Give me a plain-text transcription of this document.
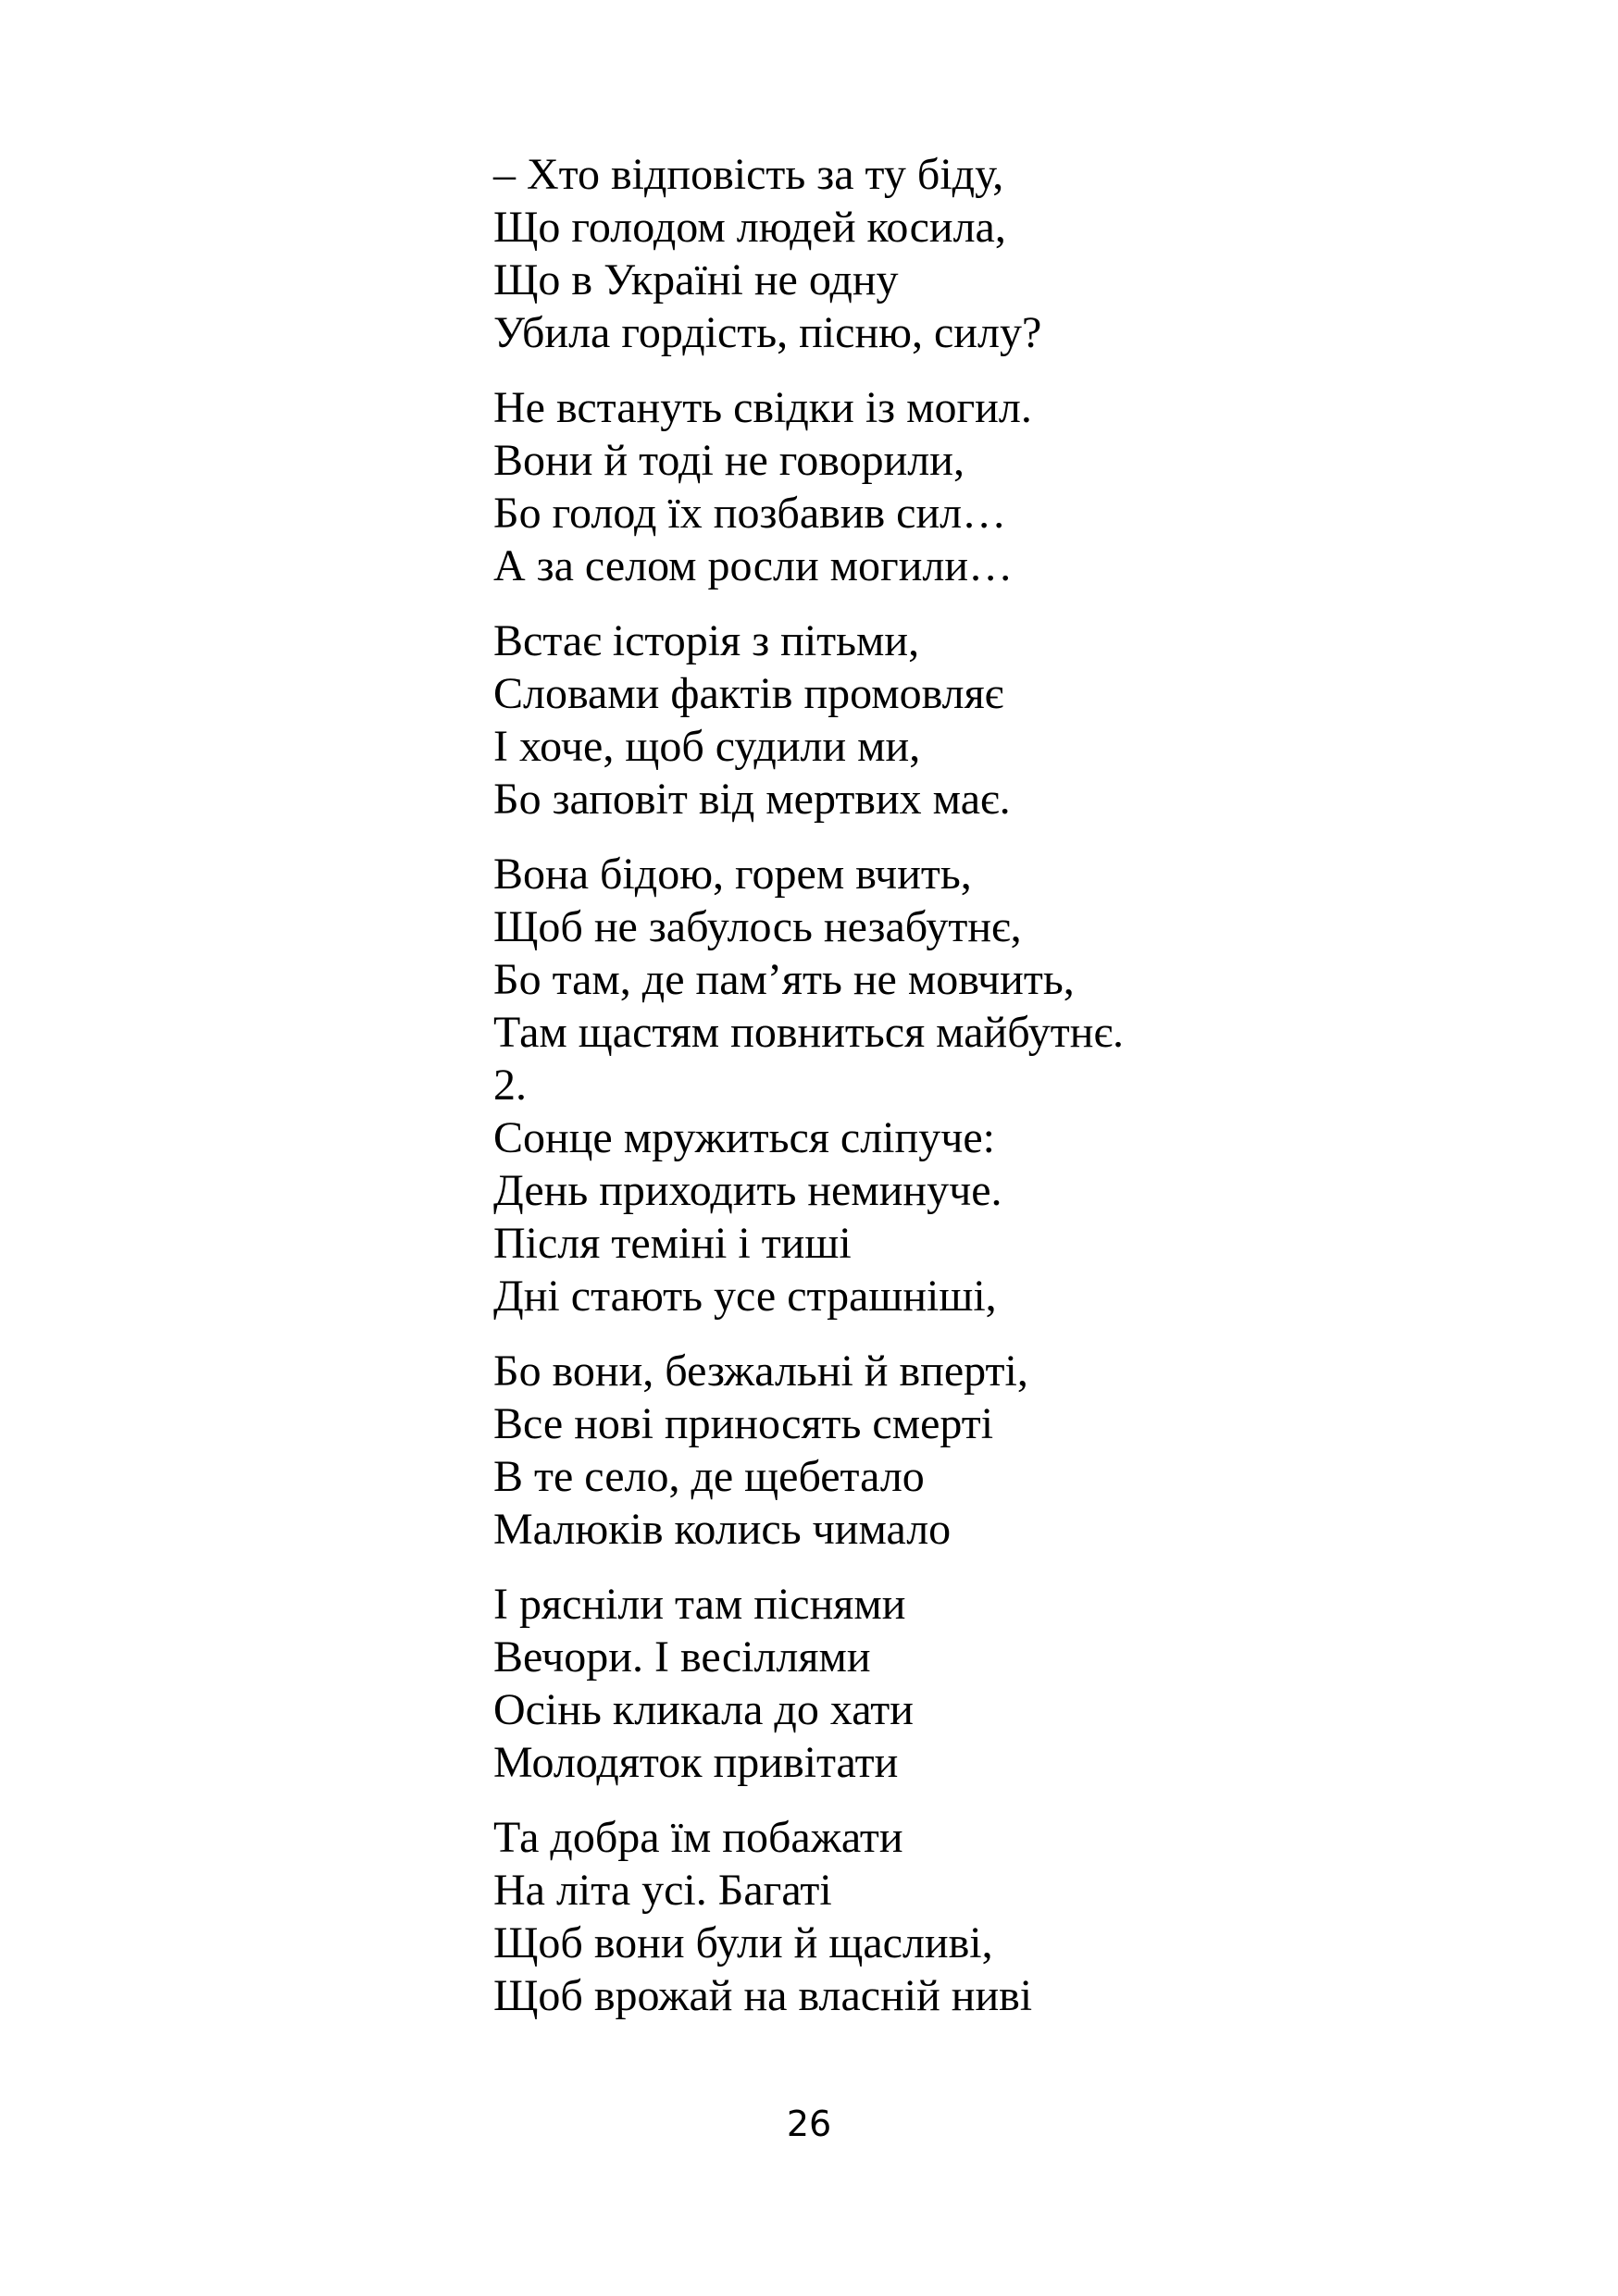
– Хто відповість за ту біду,
Що голодом людей косила,
Що в Україні не одну
Убила гордість, пісню, силу?
Не встануть свідки із могил.
Вони й тоді не говорили,
Бо голод їх позбавив сил…
А за селом росли могили…
Встає історія з пітьми,
Словами фактів промовляє
І хоче, щоб судили ми,
Бо заповіт від мертвих має.
Вона бідою, горем вчить,
Щоб не забулось незабутнє,
Бо там, де пам’ять не мовчить,
Там щастям повниться майбутнє.
2.
Сонце мружиться сліпуче:
День приходить неминуче.
Після теміні і тиші
Дні стають усе страшніші,
Бо вони, безжальні й вперті,
Все нові приносять смерті
В те село, де щебетало
Малюків колись чимало
І рясніли там піснями
Вечори. І весіллями
Осінь кликала до хати
Молодяток привітати
Та добра їм побажати
На літа усі. Багаті
Щоб вони були й щасливі,
Щоб врожай на власній ниві
26
